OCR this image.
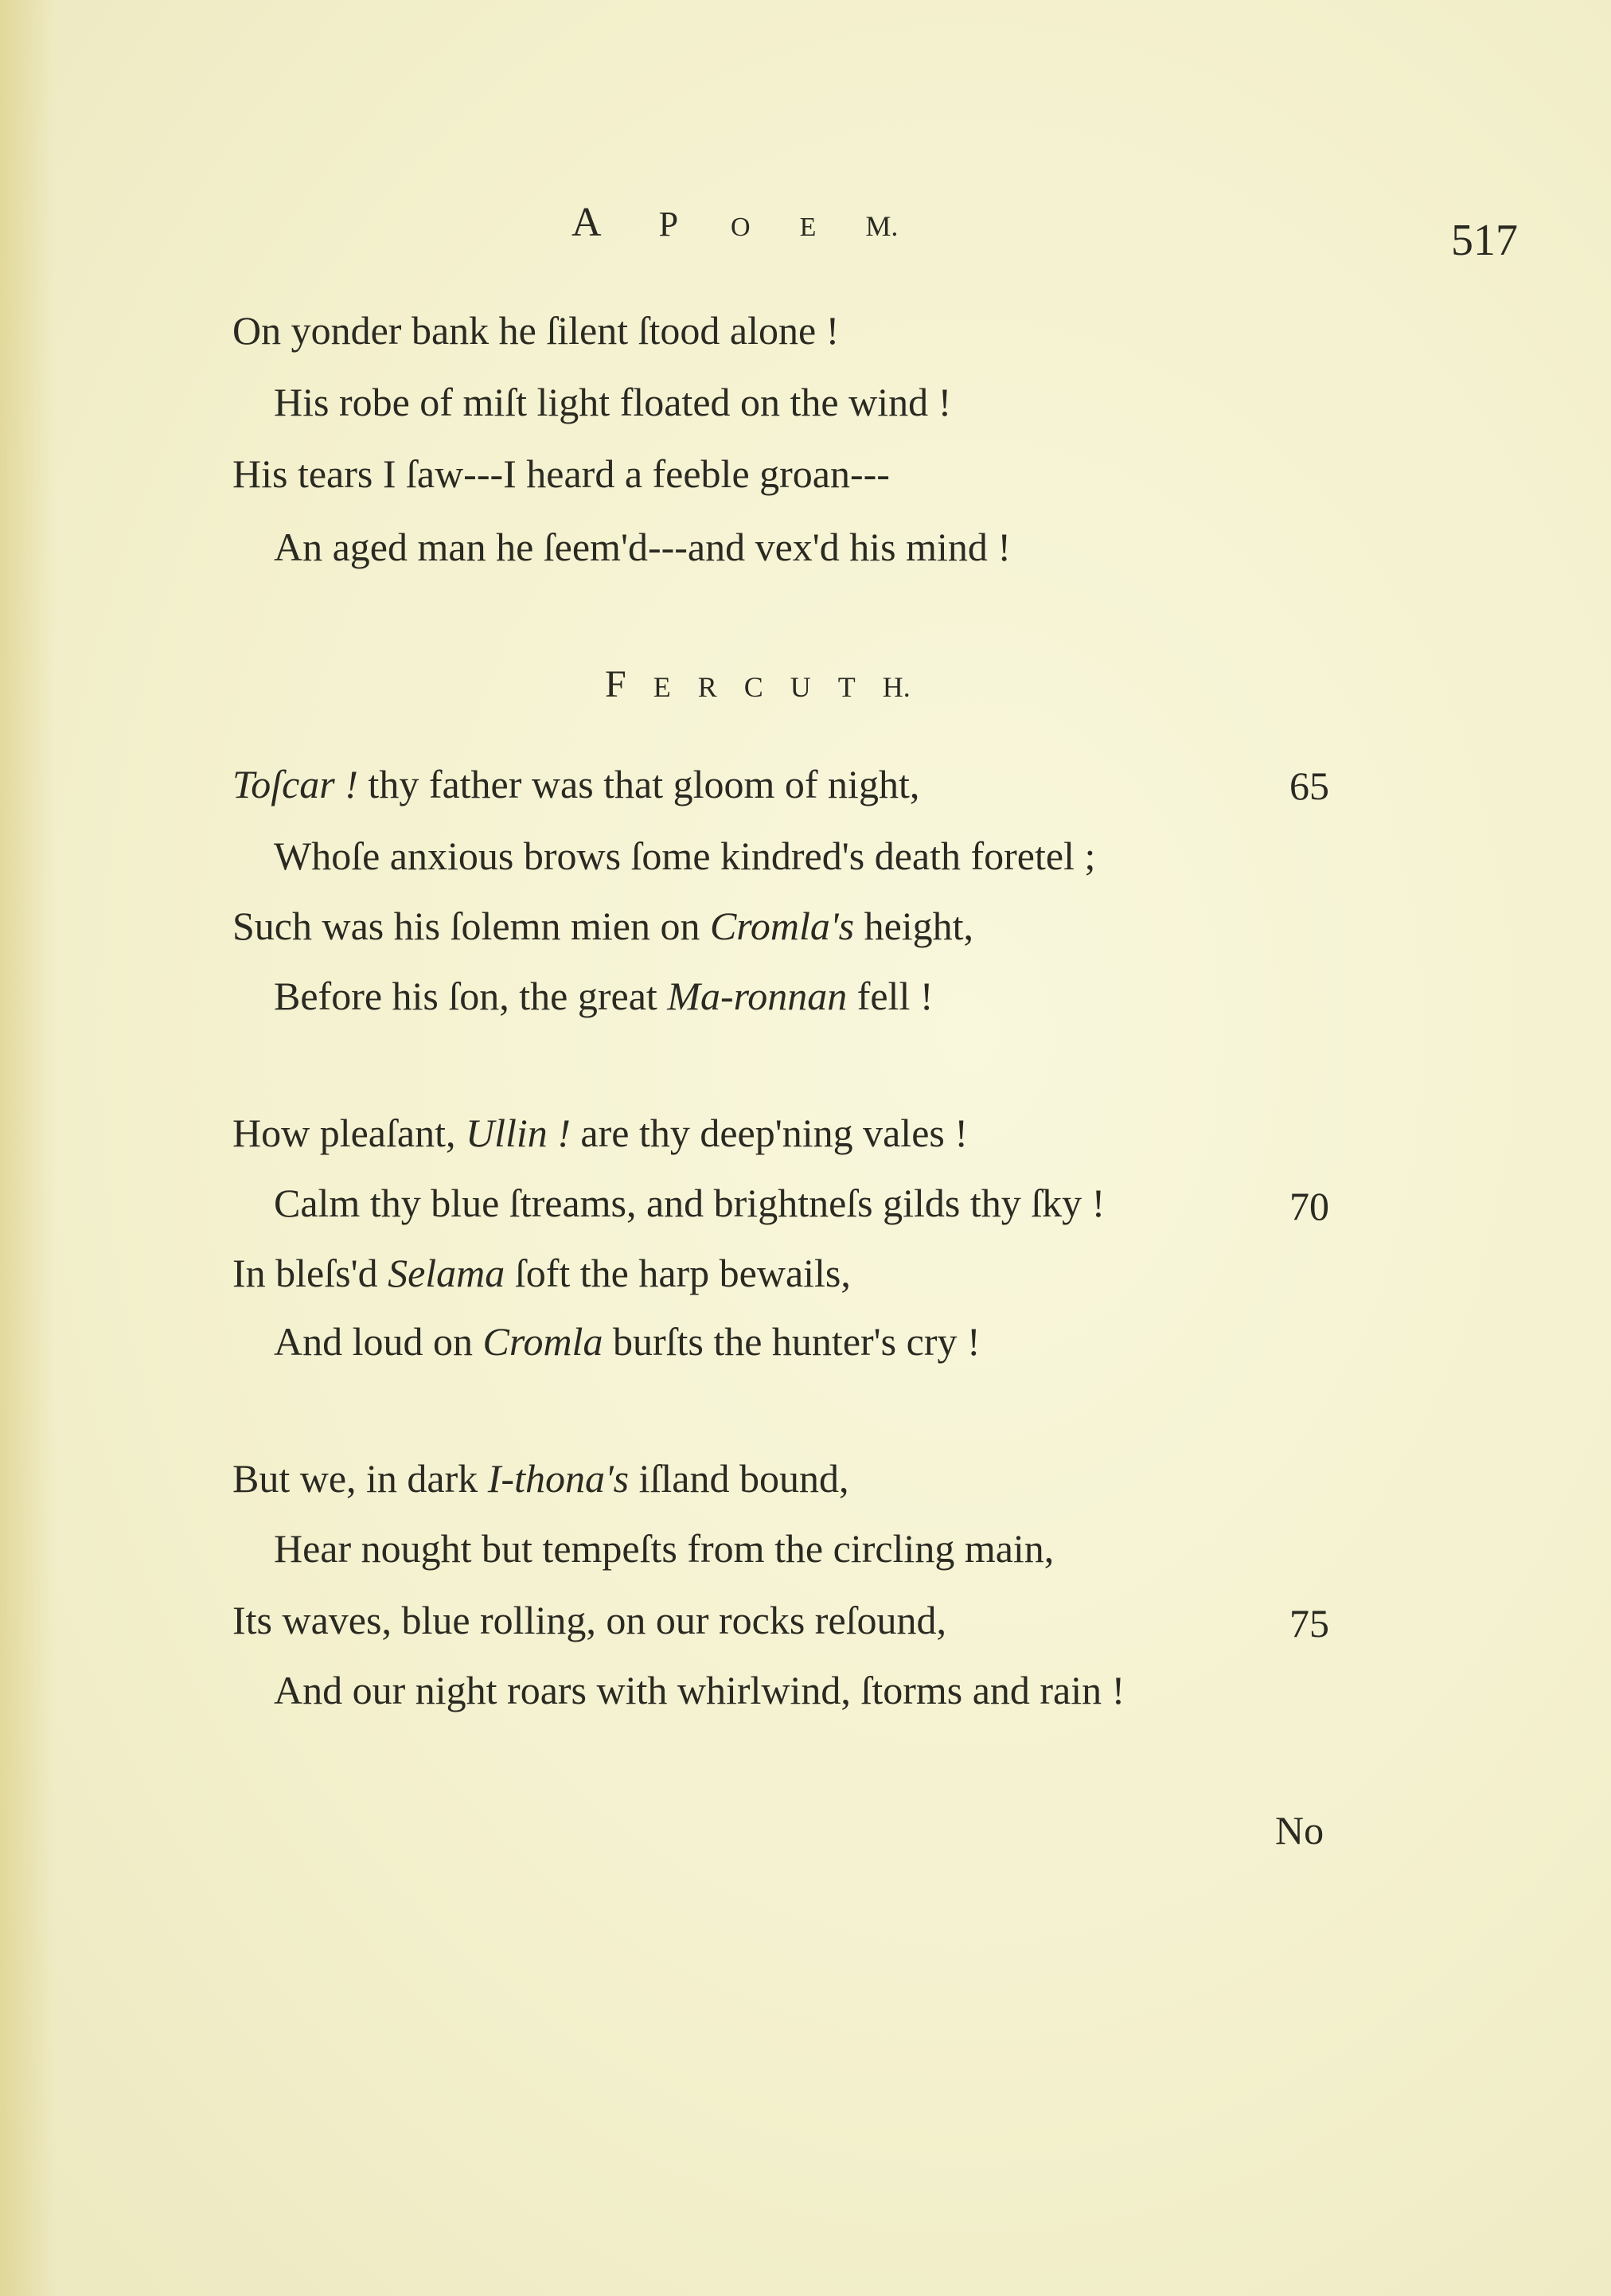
A P O E M.	517
On yonder bank he ſilent ſtood alone !
His robe of miſt light floated on the wind !
His tears I ſaw---I heard a feeble groan---
An aged man he ſeem'd---and vex'd his mind !
F E R C U T H.
Toſcar ! thy father was that gloom of night,
Whoſe anxious brows ſome kindred's death foretel ;
Such was his ſolemn mien on Cromla's height,
Before his ſon, the great Ma-ronnan fell !
65
How pleaſant, Ullin ! are thy deep'ning vales !
Calm thy blue ſtreams, and brightneſs gilds thy ſky !
In bleſs'd Selama ſoft the harp bewails,
And loud on Cromla burſts the hunter's cry !
70
But we, in dark I-thona's iſland bound,
Hear nought but tempeſts from the circling main,
Its waves, blue rolling, on our rocks reſound,
And our night roars with whirlwind, ſtorms and rain !
75
No
